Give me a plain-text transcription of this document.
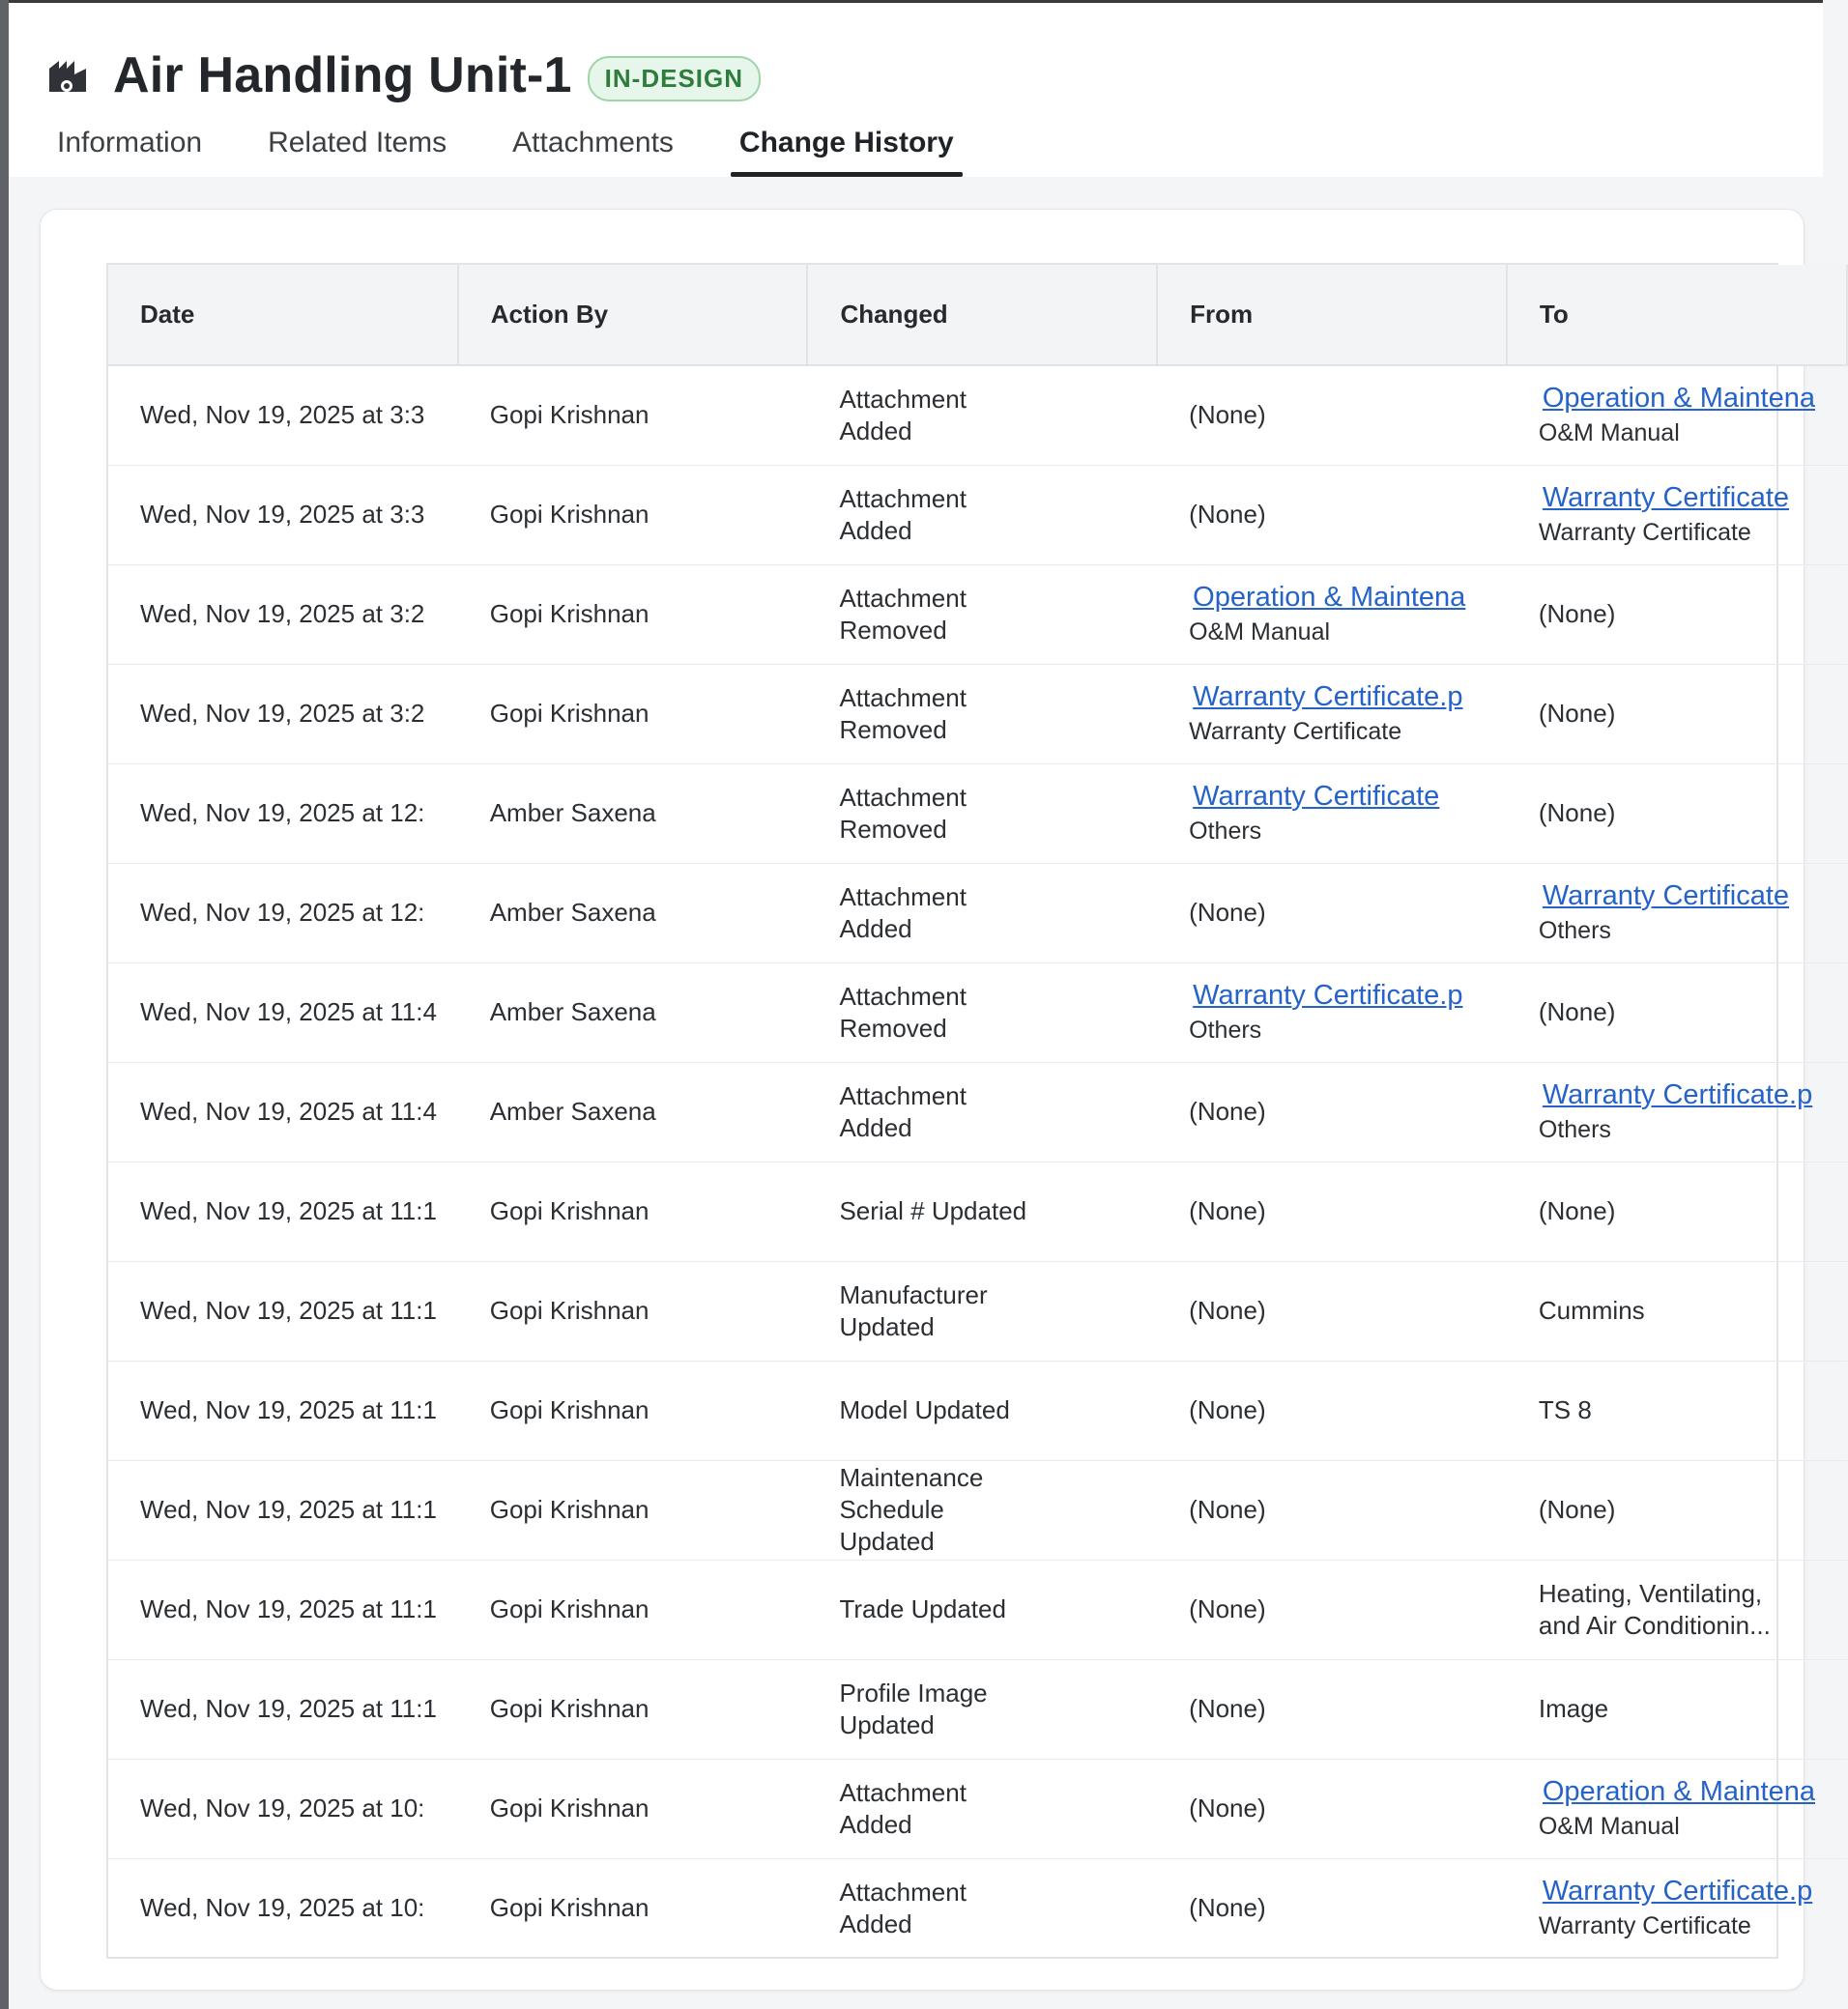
Air Handling Unit-1	IN-DESIGN
Information	Related Items	Attachments	Change History
Date	Action By	Changed	From	To
Wed, Nov 19, 2025 at 3:3	Gopi Krishnan	Attachment Added	(None)	Operation & Maintena
O&M Manual

Wed, Nov 19, 2025 at 3:3	Gopi Krishnan	Attachment Added	(None)	Warranty Certificate
Warranty Certificate

Wed, Nov 19, 2025 at 3:2	Gopi Krishnan	Attachment Removed	Operation & Maintena
O&M Manual	(None)

Wed, Nov 19, 2025 at 3:2	Gopi Krishnan	Attachment Removed	Warranty Certificate.p
Warranty Certificate	(None)

Wed, Nov 19, 2025 at 12:	Amber Saxena	Attachment Removed	Warranty Certificate
Others	(None)

Wed, Nov 19, 2025 at 12:	Amber Saxena	Attachment Added	(None)	Warranty Certificate
Others

Wed, Nov 19, 2025 at 11:4	Amber Saxena	Attachment Removed	Warranty Certificate.p
Others	(None)

Wed, Nov 19, 2025 at 11:4	Amber Saxena	Attachment Added	(None)	Warranty Certificate.p
Others

Wed, Nov 19, 2025 at 11:1	Gopi Krishnan	Serial # Updated	(None)	(None)

Wed, Nov 19, 2025 at 11:1	Gopi Krishnan	Manufacturer Updated	(None)	Cummins

Wed, Nov 19, 2025 at 11:1	Gopi Krishnan	Model Updated	(None)	TS 8

Wed, Nov 19, 2025 at 11:1	Gopi Krishnan	Maintenance Schedule Updated	(None)	(None)

Wed, Nov 19, 2025 at 11:1	Gopi Krishnan	Trade Updated	(None)	Heating, Ventilating, and Air Conditionin...

Wed, Nov 19, 2025 at 11:1	Gopi Krishnan	Profile Image Updated	(None)	Image

Wed, Nov 19, 2025 at 10:	Gopi Krishnan	Attachment Added	(None)	Operation & Maintena
O&M Manual

Wed, Nov 19, 2025 at 10:	Gopi Krishnan	Attachment Added	(None)	Warranty Certificate.p
Warranty Certificate
